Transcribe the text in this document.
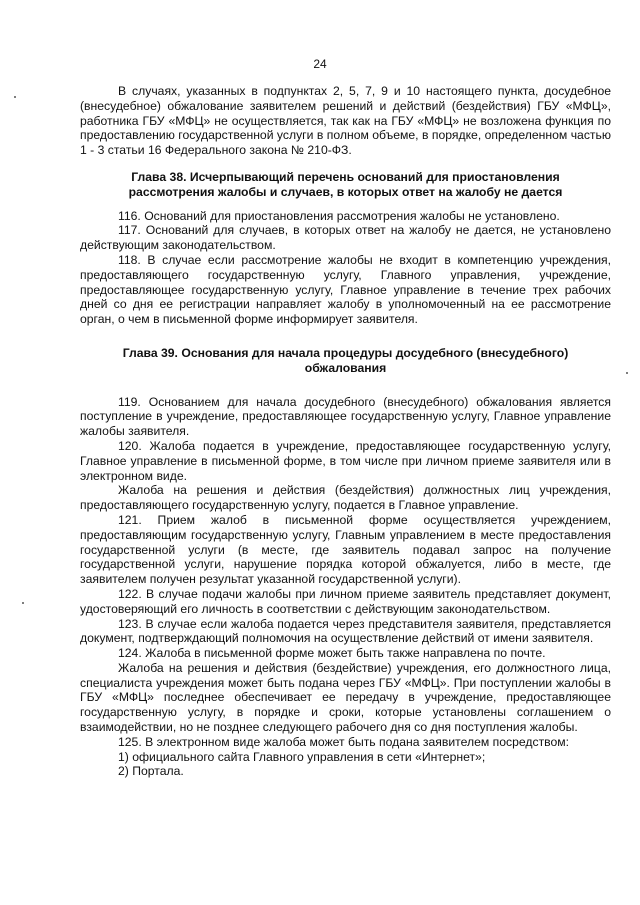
24

В случаях, указанных в подпунктах 2, 5, 7, 9 и 10 настоящего пункта, досудебное (внесудебное) обжалование заявителем решений и действий (бездействия) ГБУ «МФЦ», работника ГБУ «МФЦ» не осуществляется, так как на ГБУ «МФЦ» не возложена функция по предоставлению государственной услуги в полном объеме, в порядке, определенном частью 1 - 3 статьи 16 Федерального закона № 210-ФЗ.

Глава 38. Исчерпывающий перечень оснований для приостановления рассмотрения жалобы и случаев, в которых ответ на жалобу не дается

116. Оснований для приостановления рассмотрения жалобы не установлено.

117. Оснований для случаев, в которых ответ на жалобу не дается, не установлено действующим законодательством.

118. В случае если рассмотрение жалобы не входит в компетенцию учреждения, предоставляющего государственную услугу, Главного управления, учреждение, предоставляющее государственную услугу, Главное управление в течение трех рабочих дней со дня ее регистрации направляет жалобу в уполномоченный на ее рассмотрение орган, о чем в письменной форме информирует заявителя.

Глава 39. Основания для начала процедуры досудебного (внесудебного) обжалования

119. Основанием для начала досудебного (внесудебного) обжалования является поступление в учреждение, предоставляющее государственную услугу, Главное управление жалобы заявителя.

120. Жалоба подается в учреждение, предоставляющее государственную услугу, Главное управление в письменной форме, в том числе при личном приеме заявителя или в электронном виде.

Жалоба на решения и действия (бездействия) должностных лиц учреждения, предоставляющего государственную услугу, подается в Главное управление.

121. Прием жалоб в письменной форме осуществляется учреждением, предоставляющим государственную услугу, Главным управлением в месте предоставления государственной услуги (в месте, где заявитель подавал запрос на получение государственной услуги, нарушение порядка которой обжалуется, либо в месте, где заявителем получен результат указанной государственной услуги).

122. В случае подачи жалобы при личном приеме заявитель представляет документ, удостоверяющий его личность в соответствии с действующим законодательством.

123. В случае если жалоба подается через представителя заявителя, представляется документ, подтверждающий полномочия на осуществление действий от имени заявителя.

124. Жалоба в письменной форме может быть также направлена по почте.

Жалоба на решения и действия (бездействие) учреждения, его должностного лица, специалиста учреждения может быть подана через ГБУ «МФЦ». При поступлении жалобы в ГБУ «МФЦ» последнее обеспечивает ее передачу в учреждение, предоставляющее государственную услугу, в порядке и сроки, которые установлены соглашением о взаимодействии, но не позднее следующего рабочего дня со дня поступления жалобы.

125. В электронном виде жалоба может быть подана заявителем посредством:

1) официального сайта Главного управления в сети «Интернет»;

2) Портала.
